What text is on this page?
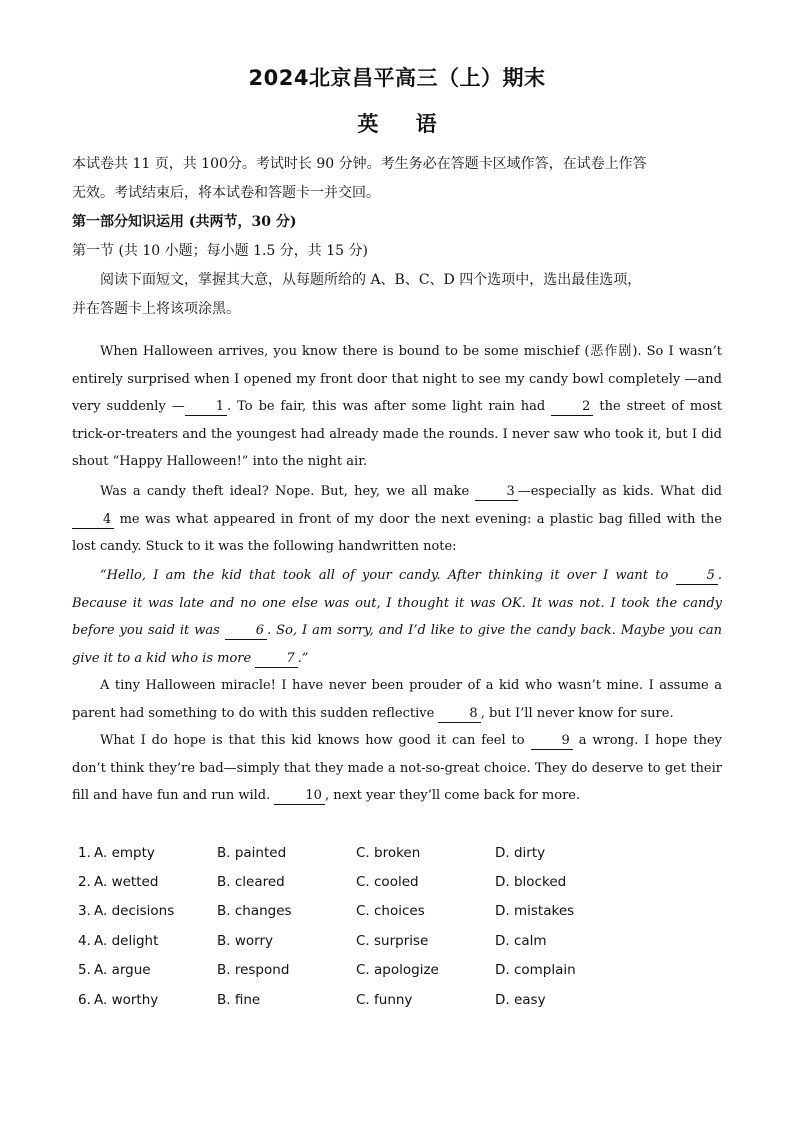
2024北京昌平高三（上）期末
英 语
本试卷共 11 页，共 100分。考试时长 90 分钟。考生务必在答题卡区域作答，在试卷上作答
无效。考试结束后，将本试卷和答题卡一并交回。
第一部分知识运用 (共两节，30 分)
第一节 (共 10 小题；每小题 1.5 分，共 15 分)
阅读下面短文，掌握其大意，从每题所给的 A、B、C、D 四个选项中，选出最佳选项，
并在答题卡上将该项涂黑。
When Halloween arrives, you know there is bound to be some mischief (恶作剧). So I wasn’t entirely surprised when I opened my front door that night to see my candy bowl completely —and very suddenly — 1 . To be fair, this was after some light rain had	2 the street of most trick-or-treaters and the youngest had already made the rounds. I never saw who took it, but I did shout “Happy Halloween!” into the night air.
Was a candy theft ideal? Nope. But, hey, we all make	3 —especially as kids. What did 4 me was what appeared in front of my door the next evening: a plastic bag filled with the lost candy. Stuck to it was the following handwritten note:
“Hello, I am the kid that took all of your candy. After thinking it over I want to	5 . Because it was late and no one else was out, I thought it was OK. It was not. I took the candy before you said it was	6 . So, I am sorry, and I’d like to give the candy back. Maybe you can give it to a kid who is more	7 .”
A tiny Halloween miracle! I have never been prouder of a kid who wasn’t mine. I assume a parent had something to do with this sudden reflective	8 , but I’ll never know for sure.
What I do hope is that this kid knows how good it can feel to	9 a wrong. I hope they don’t think they’re bad—simply that they made a not-so-great choice. They do deserve to get their fill and have fun and run wild.	10 , next year they’ll come back for more.
1. A. empty	B. painted	C. broken	D. dirty
2. A. wetted	B. cleared	C. cooled	D. blocked
3. A. decisions	B. changes	C. choices	D. mistakes
4. A. delight	B. worry	C. surprise	D. calm
5. A. argue	B. respond	C. apologize	D. complain
6. A. worthy	B. fine	C. funny	D. easy
